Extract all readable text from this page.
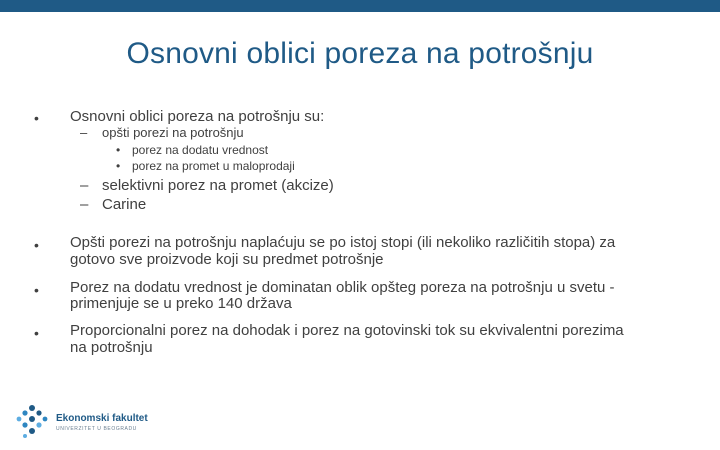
Osnovni oblici poreza na potrošnju
• Osnovni oblici poreza na potrošnju su:
– opšti porezi na potrošnju
• porez na dodatu vrednost
• porez na promet u maloprodaji
– selektivni porez na promet (akcize)
– Carine
• Opšti porezi na potrošnju naplaćuju se po istoj stopi (ili nekoliko različitih stopa) za
gotovo sve proizvode koji su predmet potrošnje
• Porez na dodatu vrednost je dominatan oblik opšteg poreza na potrošnju u svetu -
primenjuje se u preko 140 država
• Proporcionalni porez na dohodak i porez na gotovinski tok su ekvivalentni porezima
na potrošnju
Ekonomski fakultet
UNIVERZITET U BEOGRADU
